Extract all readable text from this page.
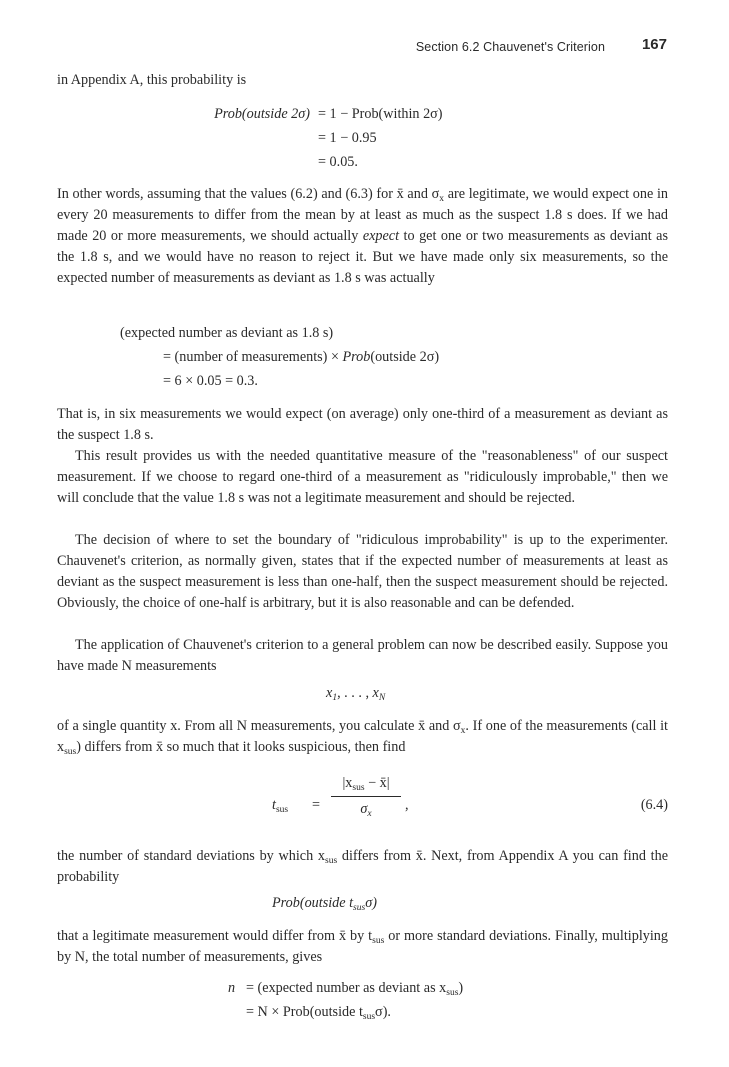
Section 6.2 Chauvenet's Criterion 167

in Appendix A, this probability is

Prob(outside 2σ) = 1 − Prob(within 2σ)
= 1 − 0.95
= 0.05.

In other words, assuming that the values (6.2) and (6.3) for x̄ and $\sigma_x$ are legitimate, we would expect one in every 20 measurements to differ from the mean by at least as much as the suspect 1.8 s does. If we had made 20 or more measurements, we should actually expect to get one or two measurements as deviant as the 1.8 s, and we would have no reason to reject it. But we have made only six measurements, so the expected number of measurements as deviant as 1.8 s was actually

(expected number as deviant as 1.8 s)
= (number of measurements) × Prob(outside 2σ)
= 6 × 0.05 = 0.3.

That is, in six measurements we would expect (on average) only one-third of a measurement as deviant as the suspect 1.8 s.

This result provides us with the needed quantitative measure of the "reasonableness" of our suspect measurement. If we choose to regard one-third of a measurement as "ridiculously improbable," then we will conclude that the value 1.8 s was not a legitimate measurement and should be rejected.

The decision of where to set the boundary of "ridiculous improbability" is up to the experimenter. Chauvenet's criterion, as normally given, states that if the expected number of measurements at least as deviant as the suspect measurement is less than one-half, then the suspect measurement should be rejected. Obviously, the choice of one-half is arbitrary, but it is also reasonable and can be defended.

The application of Chauvenet's criterion to a general problem can now be described easily. Suppose you have made N measurements

$x_1$, . . . , $x_N$

of a single quantity x. From all N measurements, you calculate x̄ and $\sigma_x$. If one of the measurements (call it $x_{sus}$) differs from x̄ so much that it looks suspicious, then find

$t_{sus}$ =
$|x_{sus}$ − x̄|
$\sigma_x$
,	(6.4)

the number of standard deviations by which $x_{sus}$ differs from x̄. Next, from Appendix A you can find the probability

Prob(outside $t_{sus}\sigma$)

that a legitimate measurement would differ from x̄ by $t_{sus}$ or more standard deviations. Finally, multiplying by N, the total number of measurements, gives

n = (expected number as deviant as $x_{sus}$)
= N × Prob(outside $t_{sus}\sigma$).
